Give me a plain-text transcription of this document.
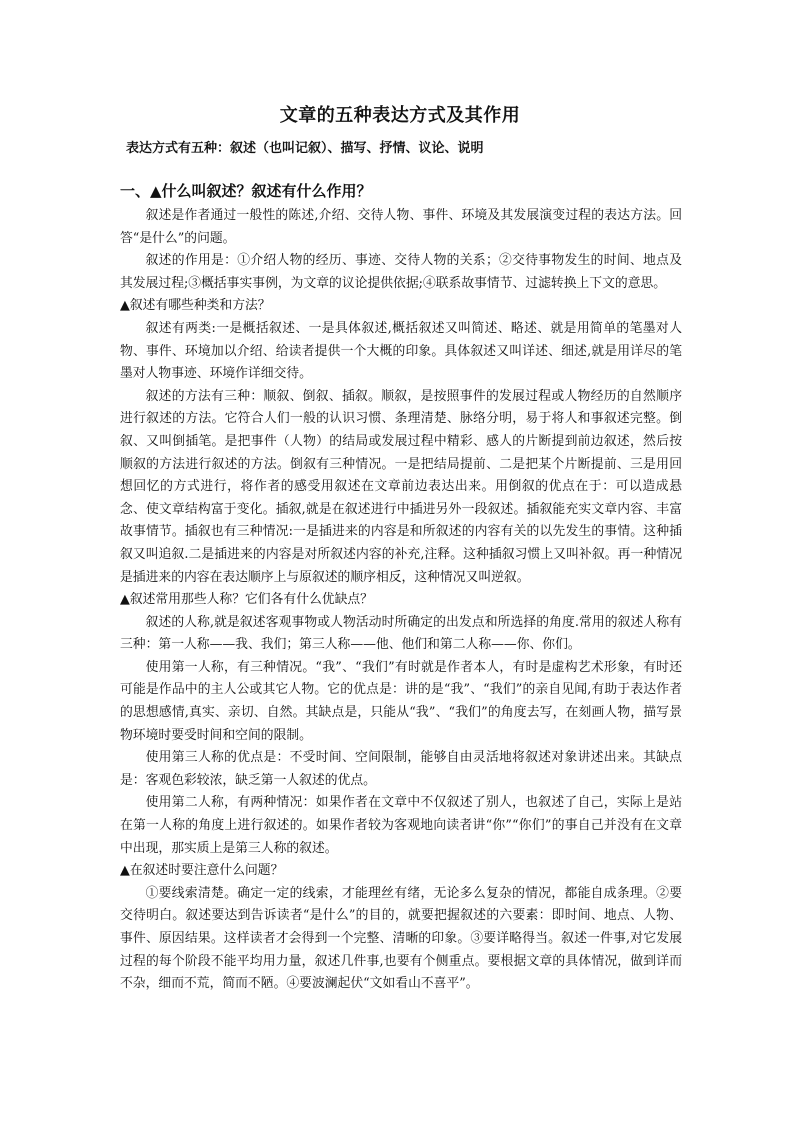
文章的五种表达方式及其作用
表达方式有五种：叙述（也叫记叙）、描写、抒情、议论、说明
一、▲什么叫叙述？叙述有什么作用？

叙述是作者通过一般性的陈述,介绍、交待人物、事件、环境及其发展演变过程的表达方法。回答“是什么”的问题。

叙述的作用是：①介绍人物的经历、事迹、交待人物的关系；②交待事物发生的时间、地点及其发展过程;③概括事实事例，为文章的议论提供依据;④联系故事情节、过滤转换上下文的意思。

▲叙述有哪些种类和方法？

叙述有两类:一是概括叙述、一是具体叙述,概括叙述又叫简述、略述、就是用简单的笔墨对人物、事件、环境加以介绍、给读者提供一个大概的印象。具体叙述又叫详述、细述,就是用详尽的笔墨对人物事迹、环境作详细交待。

叙述的方法有三种：顺叙、倒叙、插叙。顺叙，是按照事件的发展过程或人物经历的自然顺序进行叙述的方法。它符合人们一般的认识习惯、条理清楚、脉络分明，易于将人和事叙述完整。倒叙、又叫倒插笔。是把事件（人物）的结局或发展过程中精彩、感人的片断提到前边叙述，然后按顺叙的方法进行叙述的方法。倒叙有三种情况。一是把结局提前、二是把某个片断提前、三是用回想回忆的方式进行，将作者的感受用叙述在文章前边表达出来。用倒叙的优点在于：可以造成悬念、使文章结构富于变化。插叙,就是在叙述进行中插进另外一段叙述。插叙能充实文章内容、丰富故事情节。插叙也有三种情况:一是插进来的内容是和所叙述的内容有关的以先发生的事情。这种插叙又叫追叙.二是插进来的内容是对所叙述内容的补充,注释。这种插叙习惯上又叫补叙。再一种情况是插进来的内容在表达顺序上与原叙述的顺序相反，这种情况又叫逆叙。

▲叙述常用那些人称？它们各有什么优缺点？

叙述的人称,就是叙述客观事物或人物活动时所确定的出发点和所选择的角度.常用的叙述人称有三种：第一人称——我、我们；第三人称——他、他们和第二人称——你、你们。

使用第一人称，有三种情况。“我”、“我们”有时就是作者本人，有时是虚构艺术形象，有时还可能是作品中的主人公或其它人物。它的优点是：讲的是“我”、“我们”的亲自见闻,有助于表达作者的思想感情,真实、亲切、自然。其缺点是，只能从“我”、“我们”的角度去写，在刻画人物，描写景物环境时要受时间和空间的限制。

使用第三人称的优点是：不受时间、空间限制，能够自由灵活地将叙述对象讲述出来。其缺点是：客观色彩较浓，缺乏第一人叙述的优点。

使用第二人称，有两种情况：如果作者在文章中不仅叙述了别人，也叙述了自己，实际上是站在第一人称的角度上进行叙述的。如果作者较为客观地向读者讲“你”“你们”的事自己并没有在文章中出现，那实质上是第三人称的叙述。

▲在叙述时要注意什么问题？

①要线索清楚。确定一定的线索，才能理丝有绪，无论多么复杂的情况，都能自成条理。②要交待明白。叙述要达到告诉读者“是什么”的目的，就要把握叙述的六要素：即时间、地点、人物、事件、原因结果。这样读者才会得到一个完整、清晰的印象。③要详略得当。叙述一件事,对它发展过程的每个阶段不能平均用力量，叙述几件事,也要有个侧重点。要根据文章的具体情况，做到详而不杂，细而不荒，简而不陋。④要波澜起伏“文如看山不喜平”。
